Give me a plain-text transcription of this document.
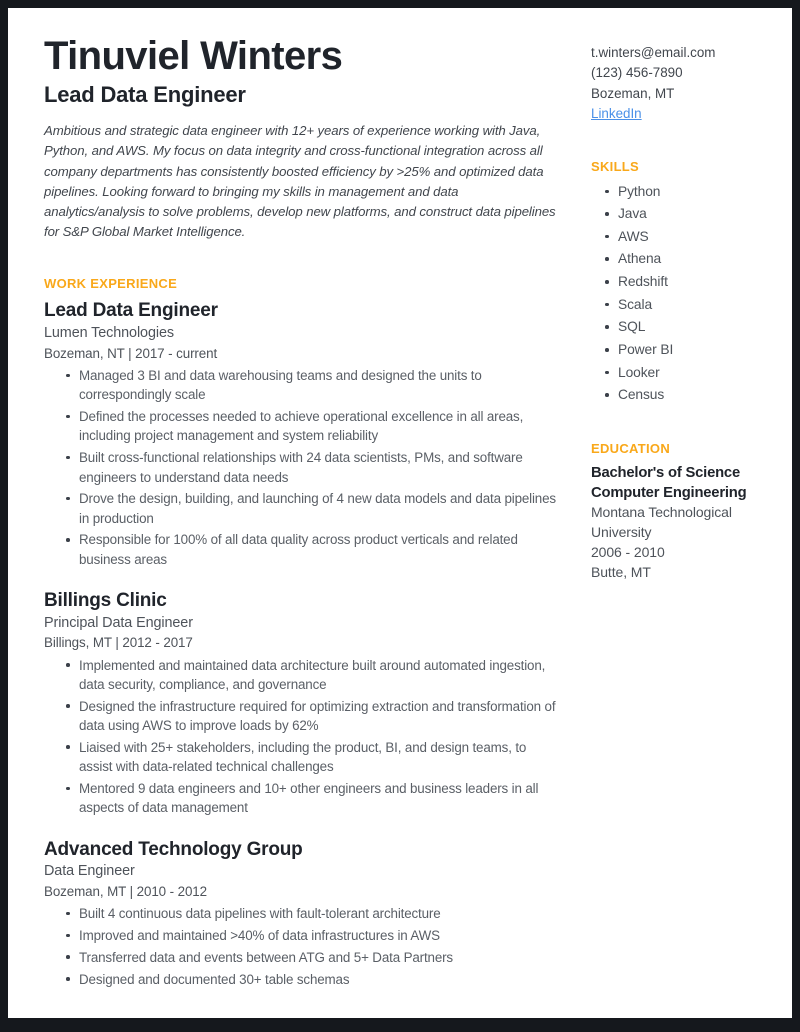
Tinuviel Winters
Lead Data Engineer
Ambitious and strategic data engineer with 12+ years of experience working with Java, Python, and AWS. My focus on data integrity and cross-functional integration across all company departments has consistently boosted efficiency by >25% and optimized data pipelines. Looking forward to bringing my skills in management and data analytics/analysis to solve problems, develop new platforms, and construct data pipelines for S&P Global Market Intelligence.
WORK EXPERIENCE
Lead Data Engineer
Lumen Technologies
Bozeman, NT | 2017 - current
Managed 3 BI and data warehousing teams and designed the units to correspondingly scale
Defined the processes needed to achieve operational excellence in all areas, including project management and system reliability
Built cross-functional relationships with 24 data scientists, PMs, and software engineers to understand data needs
Drove the design, building, and launching of 4 new data models and data pipelines in production
Responsible for 100% of all data quality across product verticals and related business areas
Billings Clinic
Principal Data Engineer
Billings, MT | 2012 - 2017
Implemented and maintained data architecture built around automated ingestion, data security, compliance, and governance
Designed the infrastructure required for optimizing extraction and transformation of data using AWS to improve loads by 62%
Liaised with 25+ stakeholders, including the product, BI, and design teams, to assist with data-related technical challenges
Mentored 9 data engineers and 10+ other engineers and business leaders in all aspects of data management
Advanced Technology Group
Data Engineer
Bozeman, MT | 2010 - 2012
Built 4 continuous data pipelines with fault-tolerant architecture
Improved and maintained >40% of data infrastructures in AWS
Transferred data and events between ATG and 5+ Data Partners
Designed and documented 30+ table schemas
t.winters@email.com
(123) 456-7890
Bozeman, MT
LinkedIn
SKILLS
Python
Java
AWS
Athena
Redshift
Scala
SQL
Power BI
Looker
Census
EDUCATION
Bachelor's of Science
Computer Engineering
Montana Technological
University
2006 - 2010
Butte, MT
